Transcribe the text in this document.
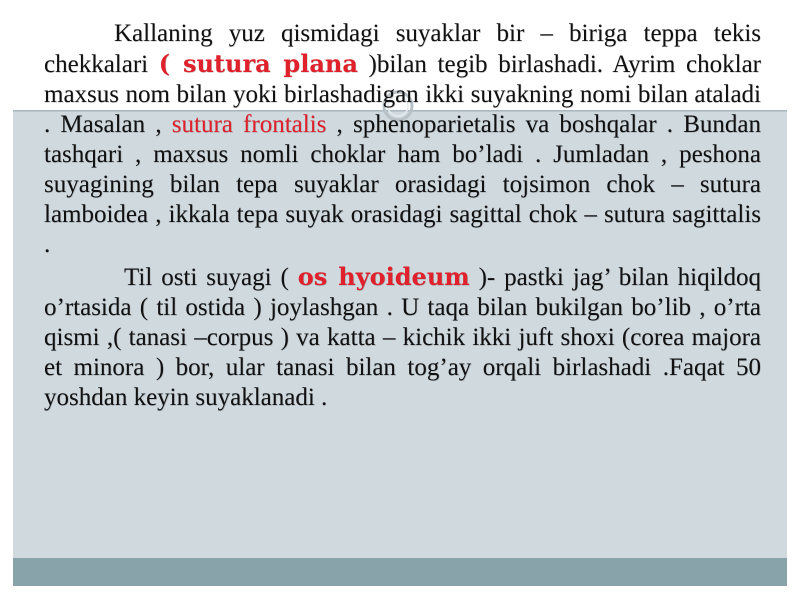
Kallaning yuz qismidagi suyaklar bir – biriga teppa tekis chekkalari ( sutura plana )bilan tegib birlashadi. Ayrim choklar maxsus nom bilan yoki birlashadigan ikki suyakning nomi bilan ataladi . Masalan , sutura frontalis , sphenoparietalis va boshqalar . Bundan tashqari , maxsus nomli choklar ham bo’ladi . Jumladan , peshona suyagining bilan tepa suyaklar orasidagi tojsimon chok – sutura lamboidea , ikkala tepa suyak orasidagi sagittal chok – sutura sagittalis .

Til osti suyagi ( os hyoideum )- pastki jag’ bilan hiqildoq o’rtasida ( til ostida ) joylashgan . U taqa bilan bukilgan bo’lib , o’rta qismi ,( tanasi –corpus ) va katta – kichik ikki juft shoxi (corea majora et minora ) bor, ular tanasi bilan tog’ay orqali birlashadi .Faqat 50 yoshdan keyin suyaklanadi .
